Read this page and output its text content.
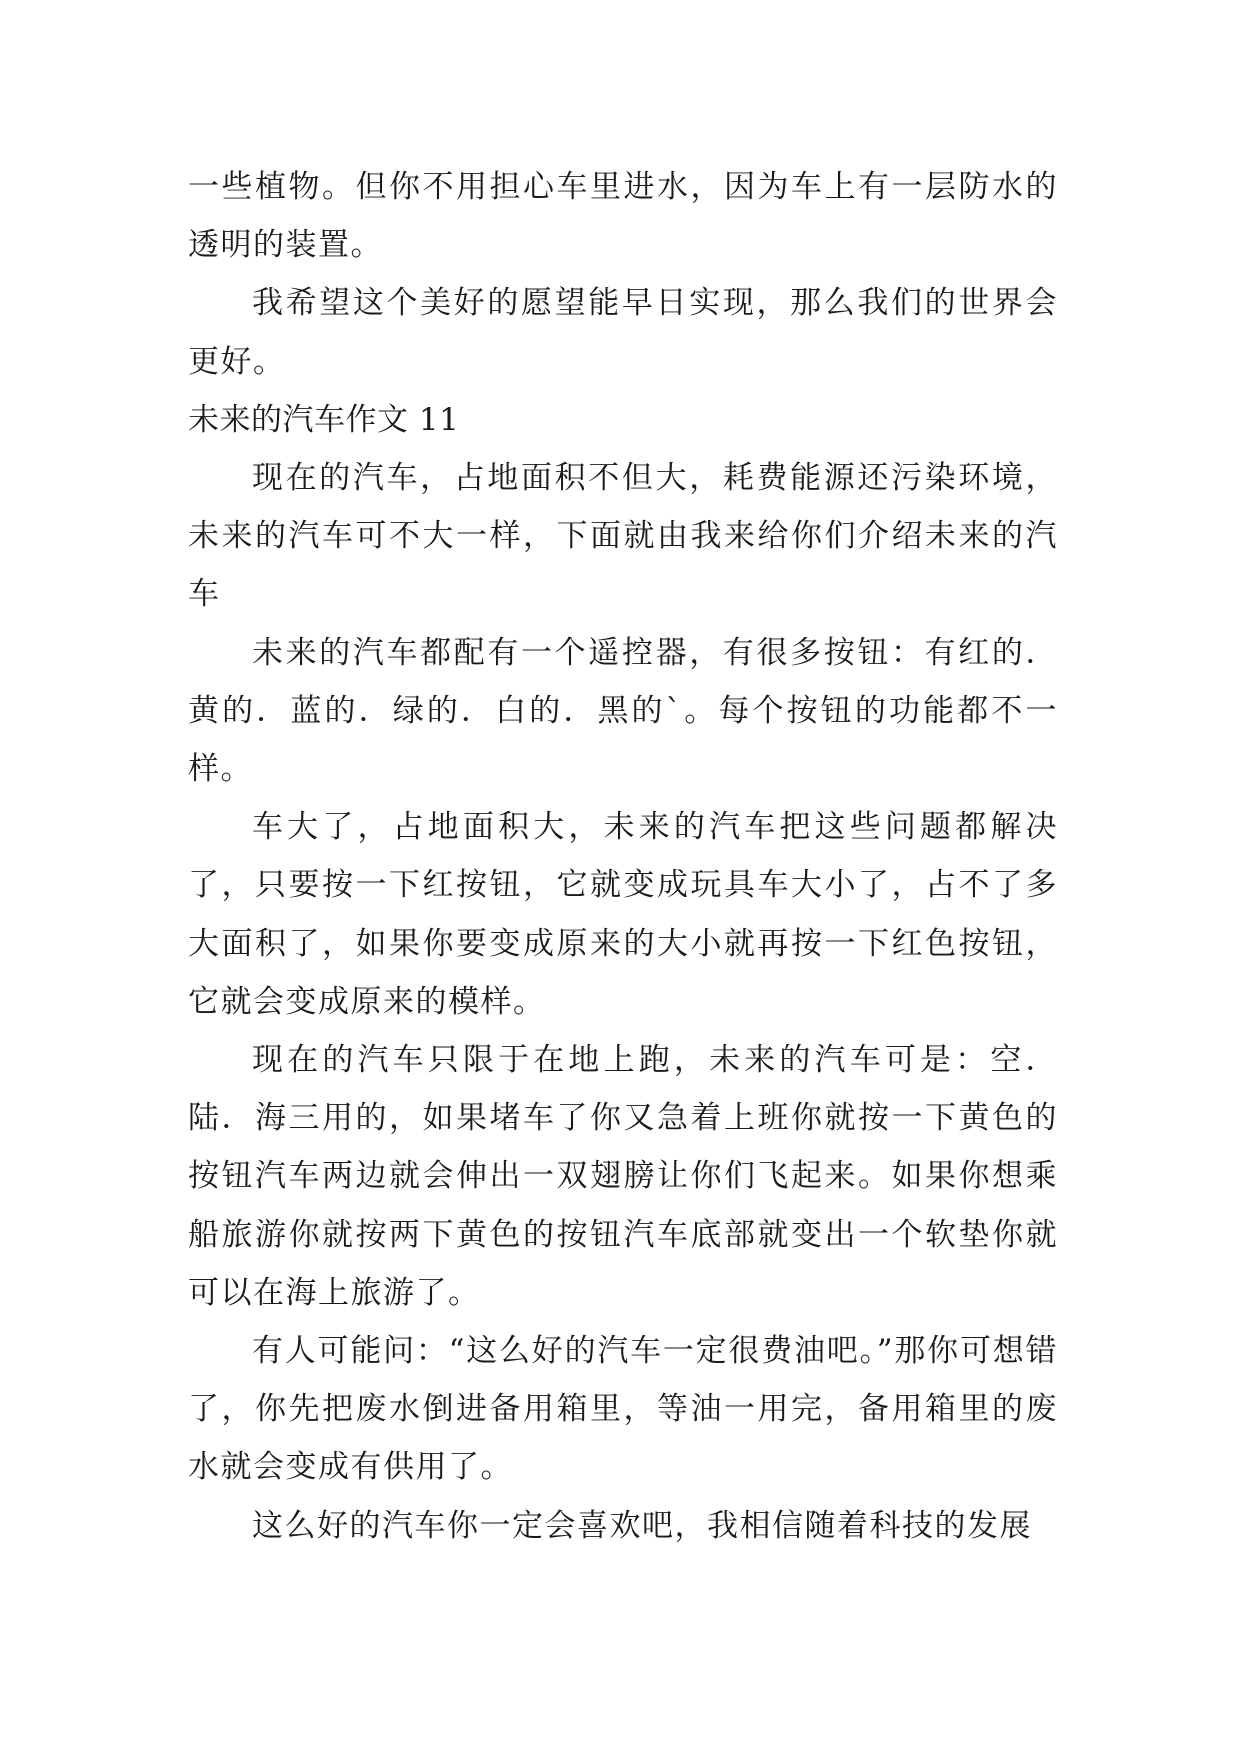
一些植物。但你不用担心车里进水，因为车上有一层防水的透明的装置。

我希望这个美好的愿望能早日实现，那么我们的世界会更好。

未来的汽车作文 11

现在的汽车，占地面积不但大，耗费能源还污染环境，未来的汽车可不大一样，下面就由我来给你们介绍未来的汽车

未来的汽车都配有一个遥控器，有很多按钮：有红的．黄的．蓝的．绿的．白的．黑的`。每个按钮的功能都不一样。

车大了，占地面积大，未来的汽车把这些问题都解决了，只要按一下红按钮，它就变成玩具车大小了，占不了多大面积了，如果你要变成原来的大小就再按一下红色按钮，它就会变成原来的模样。

现在的汽车只限于在地上跑，未来的汽车可是：空．陆．海三用的，如果堵车了你又急着上班你就按一下黄色的按钮汽车两边就会伸出一双翅膀让你们飞起来。如果你想乘船旅游你就按两下黄色的按钮汽车底部就变出一个软垫你就可以在海上旅游了。

有人可能问：“这么好的汽车一定很费油吧。”那你可想错了，你先把废水倒进备用箱里，等油一用完，备用箱里的废水就会变成有供用了。

这么好的汽车你一定会喜欢吧，我相信随着科技的发展
